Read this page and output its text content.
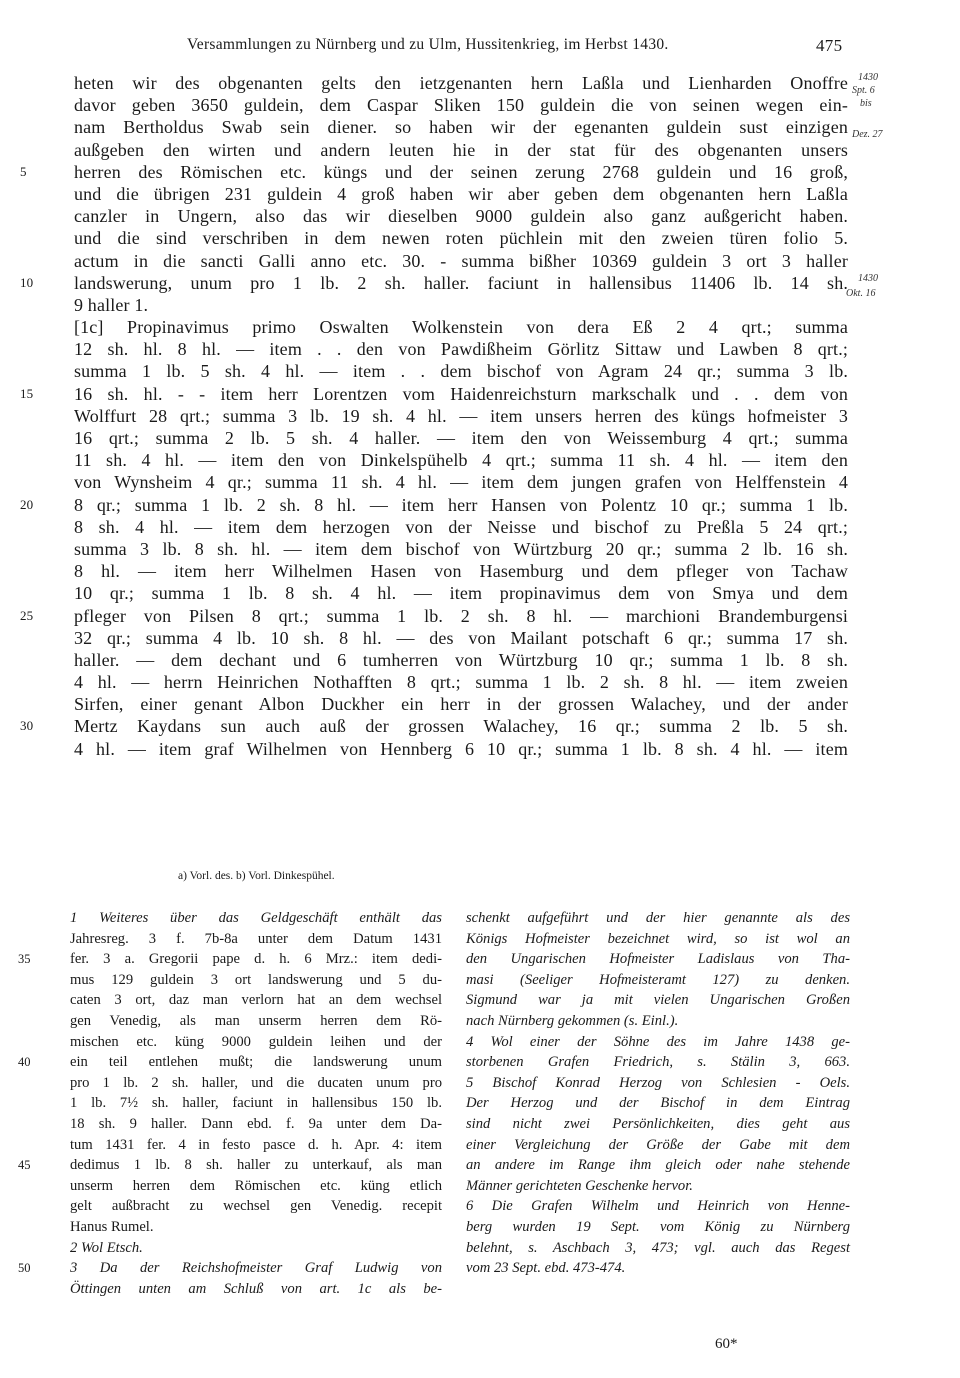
Versammlungen zu Nürnberg und zu Ulm, Hussitenkrieg, im Herbst 1430.	475
1430
Spt. 6
bis
Dez. 27
1430
Okt. 16
heten wir des obgenanten gelts den ietzgenanten hern Laßla und Lienharden Onoffre
davor geben 3650 guldein, dem Caspar Sliken 150 guldein die von seinen wegen ein-
nam Bertholdus Swab sein diener. so haben wir der egenanten guldein sust einzigen
außgeben den wirten und andern leuten hie in der stat für des obgenanten unsers
5	herren des Römischen etc. küngs und der seinen zerung 2768 guldein und 16 groß,
und die übrigen 231 guldein 4 groß haben wir aber geben dem obgenanten hern Laßla
canzler in Ungern, also das wir dieselben 9000 guldein also ganz außgericht haben.
und die sind verschriben in dem newen roten püchlein mit den zweien türen folio 5.
actum in die sancti Galli anno etc. 30. - summa bißher 10369 guldein 3 ort 3 haller
10 landswerung, unum pro 1 lb. 2 sh. haller. faciunt in hallensibus 11406 lb. 14 sh.
9 haller 1.
[1c] Propinavimus primo Oswalten Wolkenstein von dera Eß 2 4 qrt.; summa
12 sh. hl. 8 hl. — item . . den von Pawdißheim Görlitz Sittaw und Lawben 8 qrt.;
summa 1 lb. 5 sh. 4 hl. — item . . dem bischof von Agram 24 qr.; summa 3 lb.
15 16 sh. hl. - - item herr Lorentzen vom Haidenreichsturn markschalk und . . dem von
Wolffurt 28 qrt.; summa 3 lb. 19 sh. 4 hl. — item unsers herren des küngs hofmeister 3
16 qrt.; summa 2 lb. 5 sh. 4 haller. — item den von Weissemburg 4 qrt.; summa
11 sh. 4 hl. — item den von Dinkelspühelb 4 qrt.; summa 11 sh. 4 hl. — item den
von Wynsheim 4 qr.; summa 11 sh. 4 hl. — item dem jungen grafen von Helffenstein 4
20 8 qr.; summa 1 lb. 2 sh. 8 hl. — item herr Hansen von Polentz 10 qr.; summa 1 lb.
8 sh. 4 hl. — item dem herzogen von der Neisse und bischof zu Preßla 5 24 qrt.;
summa 3 lb. 8 sh. hl. — item dem bischof von Würtzburg 20 qr.; summa 2 lb. 16 sh.
8 hl. — item herr Wilhelmen Hasen von Hasemburg und dem pfleger von Tachaw
10 qr.; summa 1 lb. 8 sh. 4 hl. — item propinavimus dem von Smya und dem
25 pfleger von Pilsen 8 qrt.; summa 1 lb. 2 sh. 8 hl. — marchioni Brandemburgensi
32 qr.; summa 4 lb. 10 sh. 8 hl. — des von Mailant potschaft 6 qr.; summa 17 sh.
haller. — dem dechant und 6 tumherren von Würtzburg 10 qr.; summa 1 lb. 8 sh.
4 hl. — herrn Heinrichen Nothafften 8 qrt.; summa 1 lb. 2 sh. 8 hl. — item zweien
Sirfen, einer genant Albon Duckher ein herr in der grossen Walachey, und der ander
30 Mertz Kaydans sun auch auß der grossen Walachey, 16 qr.; summa 2 lb. 5 sh.
4 hl. — item graf Wilhelmen von Hennberg 6 10 qr.; summa 1 lb. 8 sh. 4 hl. — item
a) Vorl. des. b) Vorl. Dinkespühel.
1 Weiteres über das Geldgeschäft enthält das
Jahresreg. 3 f. 7b-8a unter dem Datum 1431
35	fer. 3 a. Gregorii pape d. h. 6 Mrz.: item dedi-
mus 129 guldein 3 ort landswerung und 5 du-
caten 3 ort, daz man verlorn hat an dem wechsel
gen Venedig, als man unserm herren dem Rö-
mischen etc. küng 9000 guldein leihen und der
40	ein teil entlehen mußt; die landswerung unum
pro 1 lb. 2 sh. haller, und die ducaten unum pro
1 lb. 7½ sh. haller, faciunt in hallensibus 150 lb.
18 sh. 9 haller. Dann ebd. f. 9a unter dem Da-
tum 1431 fer. 4 in festo pasce d. h. Apr. 4: item
45	dedimus 1 lb. 8 sh. haller zu unterkauf, als man
unserm herren dem Römischen etc. küng etlich
gelt außbracht zu wechsel gen Venedig. recepit
Hanus Rumel.
2 Wol Etsch.
50	3 Da der Reichshofmeister Graf Ludwig von
Öttingen unten am Schluß von art. 1c als be-
schenkt aufgeführt und der hier genannte als des
Königs Hofmeister bezeichnet wird, so ist wol an
den Ungarischen Hofmeister Ladislaus von Tha-
masi (Seeliger Hofmeisteramt 127) zu denken.
Sigmund war ja mit vielen Ungarischen Großen
nach Nürnberg gekommen (s. Einl.).
4 Wol einer der Söhne des im Jahre 1438 ge-
storbenen Grafen Friedrich, s. Stälin 3, 663.
5 Bischof Konrad Herzog von Schlesien - Oels.
Der Herzog und der Bischof in dem Eintrag
sind nicht zwei Persönlichkeiten, dies geht aus
einer Vergleichung der Größe der Gabe mit dem
an andere im Range ihm gleich oder nahe stehende
Männer gerichteten Geschenke hervor.
6 Die Grafen Wilhelm und Heinrich von Henne-
berg wurden 19 Sept. vom König zu Nürnberg
belehnt, s. Aschbach 3, 473; vgl. auch das Regest
vom 23 Sept. ebd. 473-474.
60*
